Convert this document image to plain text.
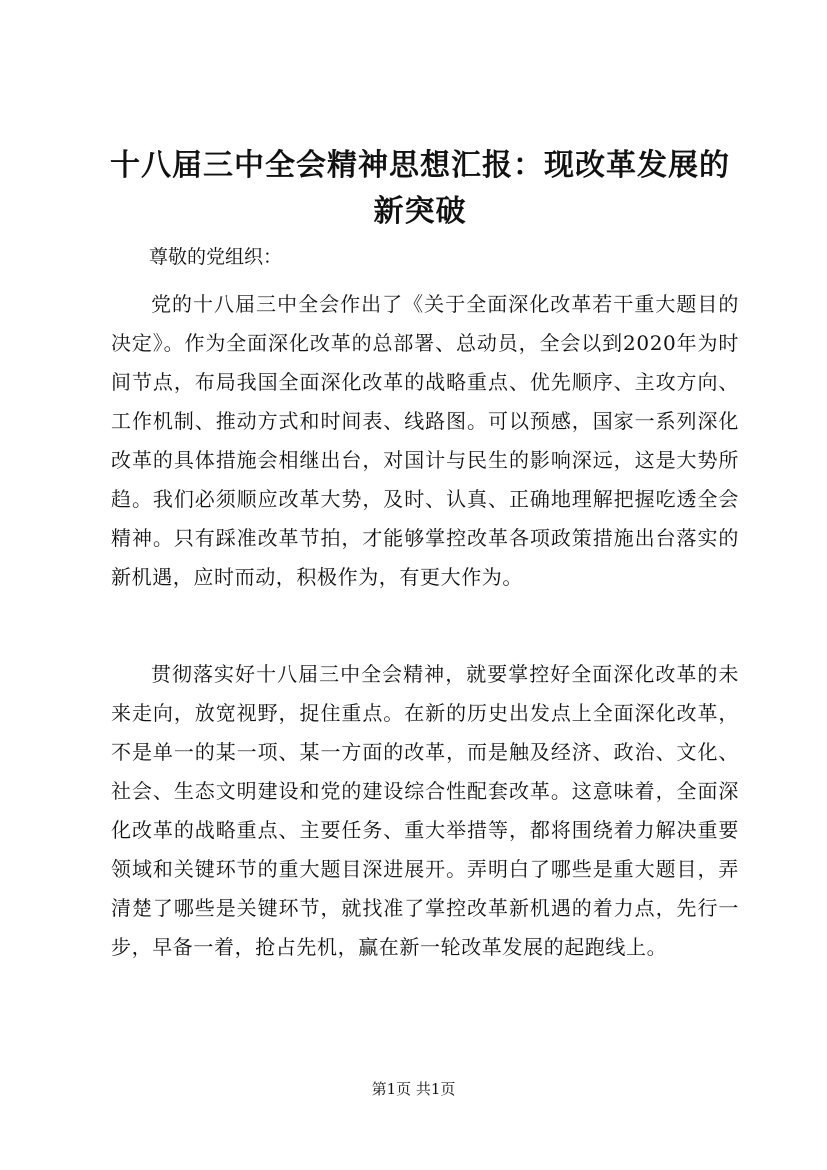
十八届三中全会精神思想汇报：现改革发展的新突破

尊敬的党组织：

党的十八届三中全会作出了《关于全面深化改革若干重大题目的决定》。作为全面深化改革的总部署、总动员，全会以到2020年为时间节点，布局我国全面深化改革的战略重点、优先顺序、主攻方向、工作机制、推动方式和时间表、线路图。可以预感，国家一系列深化改革的具体措施会相继出台，对国计与民生的影响深远，这是大势所趋。我们必须顺应改革大势，及时、认真、正确地理解把握吃透全会精神。只有踩准改革节拍，才能够掌控改革各项政策措施出台落实的新机遇，应时而动，积极作为，有更大作为。

贯彻落实好十八届三中全会精神，就要掌控好全面深化改革的未来走向，放宽视野，捉住重点。在新的历史出发点上全面深化改革，不是单一的某一项、某一方面的改革，而是触及经济、政治、文化、社会、生态文明建设和党的建设综合性配套改革。这意味着，全面深化改革的战略重点、主要任务、重大举措等，都将围绕着力解决重要领域和关键环节的重大题目深进展开。弄明白了哪些是重大题目，弄清楚了哪些是关键环节，就找准了掌控改革新机遇的着力点，先行一步，早备一着，抢占先机，赢在新一轮改革发展的起跑线上。

第1页 共1页
